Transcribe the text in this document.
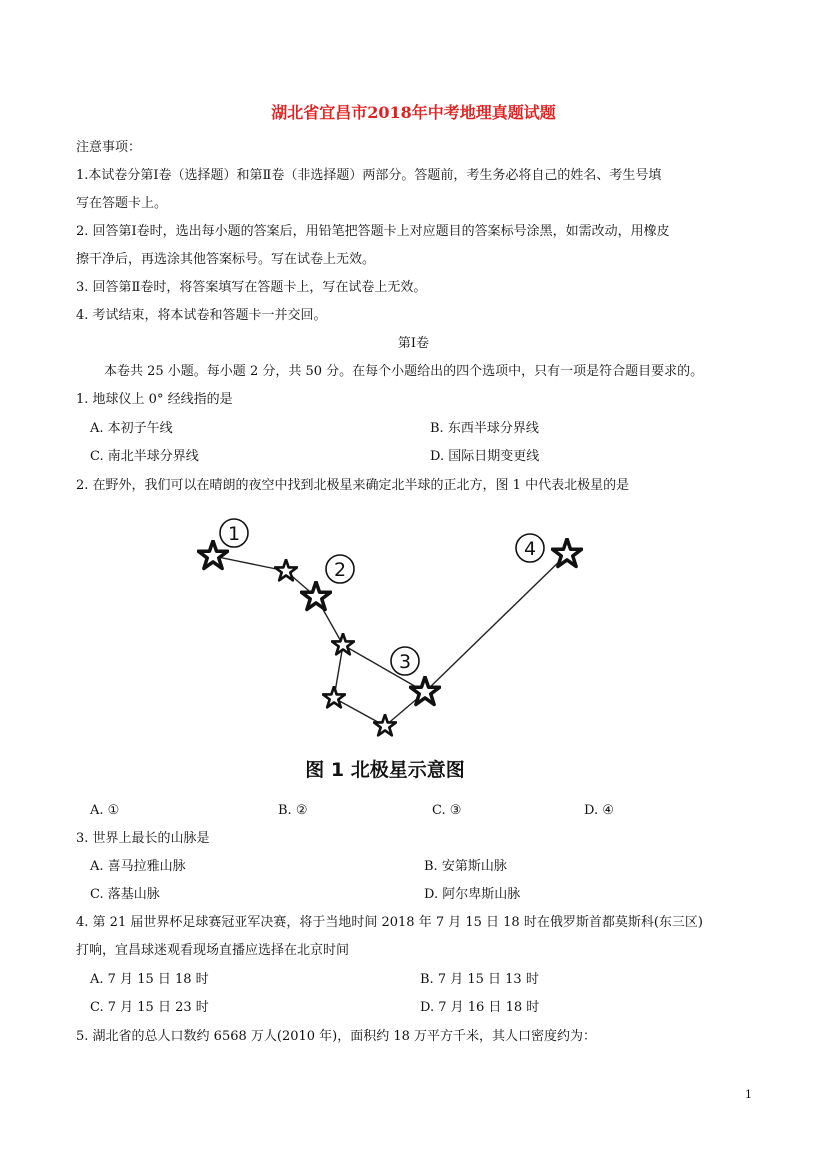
湖北省宜昌市2018年中考地理真题试题
注意事项：
1.本试卷分第Ⅰ卷（选择题）和第Ⅱ卷（非选择题）两部分。答题前，考生务必将自己的姓名、考生号填
写在答题卡上。
2. 回答第Ⅰ卷时，选出每小题的答案后，用铅笔把答题卡上对应题目的答案标号涂黑，如需改动，用橡皮
擦干净后，再选涂其他答案标号。写在试卷上无效。
3. 回答第Ⅱ卷时，将答案填写在答题卡上，写在试卷上无效。
4. 考试结束，将本试卷和答题卡一并交回。
第Ⅰ卷
本卷共 25 小题。每小题 2 分，共 50 分。在每个小题给出的四个选项中，只有一项是符合题目要求的。
1. 地球仪上 0° 经线指的是
A. 本初子午线	B. 东西半球分界线
C. 南北半球分界线	D. 国际日期变更线
2. 在野外，我们可以在晴朗的夜空中找到北极星来确定北半球的正北方，图 1 中代表北极星的是
1
2
3
4
图 1 北极星示意图
A. ①	B. ②	C. ③	D. ④
3. 世界上最长的山脉是
A. 喜马拉雅山脉	B. 安第斯山脉
C. 落基山脉	D. 阿尔卑斯山脉
4. 第 21 届世界杯足球赛冠亚军决赛，将于当地时间 2018 年 7 月 15 日 18 时在俄罗斯首都莫斯科(东三区)
打响，宜昌球迷观看现场直播应选择在北京时间
A. 7 月 15 日 18 时	B. 7 月 15 日 13 时
C. 7 月 15 日 23 时	D. 7 月 16 日 18 时
5. 湖北省的总人口数约 6568 万人(2010 年)，面积约 18 万平方千米，其人口密度约为：
1
